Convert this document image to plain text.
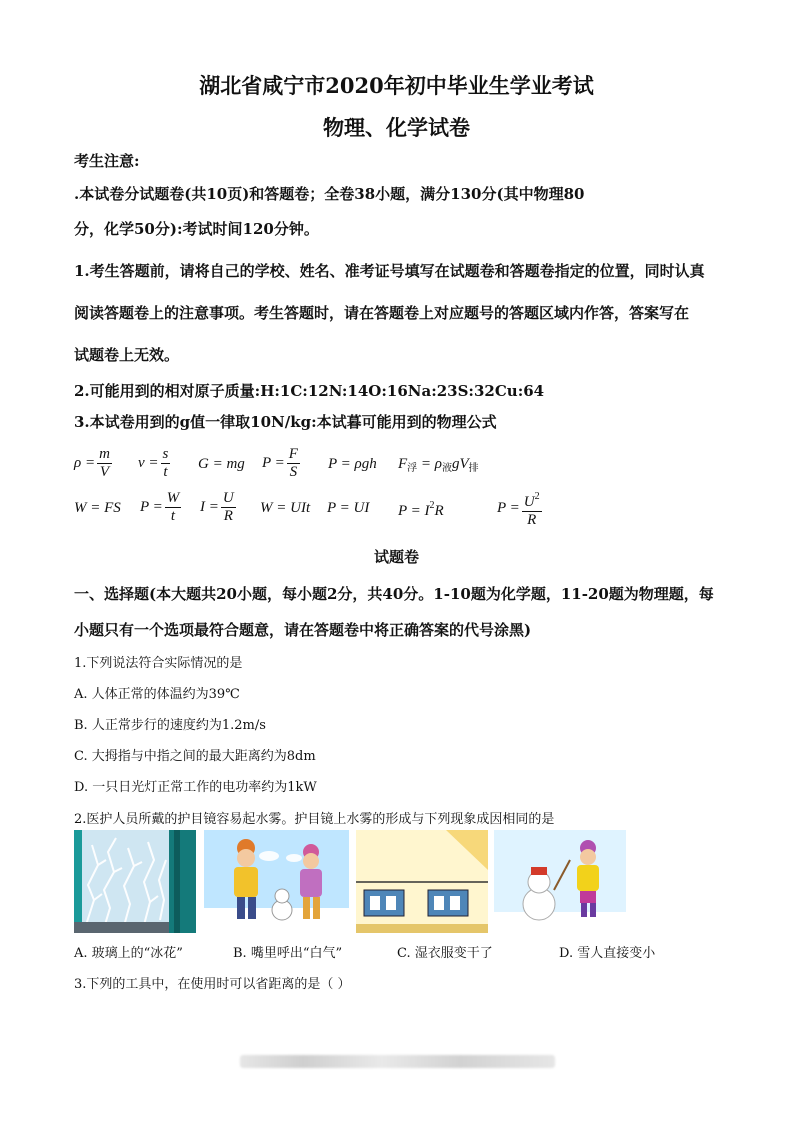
湖北省咸宁市2020年初中毕业生学业考试
物理、化学试卷
考生注意:
.本试卷分试题卷(共10页)和答题卷；全卷38小题，满分130分(其中物理80
分，化学50分):考试时间120分钟。
1.考生答题前，请将自己的学校、姓名、准考证号填写在试题卷和答题卷指定的位置，同时认真
阅读答题卷上的注意事项。考生答题时，请在答题卷上对应题号的答题区域内作答，答案写在
试题卷上无效。
2.可能用到的相对原子质量:H:1C:12N:14O:16Na:23S:32Cu:64
3.本试卷用到的g值一律取10N/kg:本试暮可能用到的物理公式
$\rho = \frac{m}{V}$ $v = \frac{s}{t}$ G = mg $P = \frac{F}{S}$ P = ρgh $F_浮 = \rho_液gV_排$
W = FS $P = \frac{W}{t}$ $I = \frac{U}{R}$ W = UIt P = UI $P = I^2R$	$P = \frac{U^2}{R}$
试题卷
一、选择题(本大题共20小题，每小题2分，共40分。1-10题为化学题，11-20题为物理题，每
小题只有一个选项最符合题意，请在答题卷中将正确答案的代号涂黑)
1.下列说法符合实际情况的是
A. 人体正常的体温约为39℃
B. 人正常步行的速度约为1.2m/s
C. 大拇指与中指之间的最大距离约为8dm
D. 一只日光灯正常工作的电功率约为1kW
2.医护人员所戴的护目镜容易起水雾。护目镜上水雾的形成与下列现象成因相同的是
A. 玻璃上的“冰花”	B. 嘴里呼出“白气”	C. 湿衣服变干了	D. 雪人直接变小
3.下列的工具中，在使用时可以省距离的是（ ）
